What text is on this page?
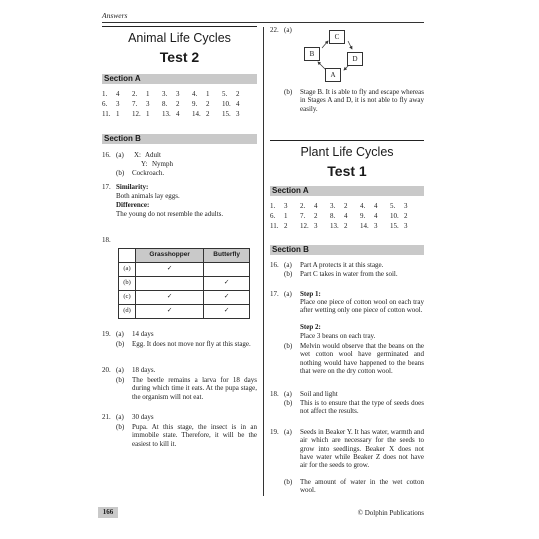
Answers
Animal Life Cycles
Test 2
Section A
1. 4	2. 1	3. 3	4. 1	5. 2
6. 3	7. 3	8. 2	9. 2	10. 4
11. 1	12. 1	13. 4	14. 2	15. 3
Section B
16. (a) X: Adult
Y: Nymph
(b) Cockroach.
17. Similarity:
Both animals lay eggs.
Difference:
The young do not resemble the adults.
18.
	Grasshopper	Butterfly
(a)	✓	
(b)		✓
(c)	✓	✓
(d)	✓	✓
19. (a) 14 days
(b) Egg. It does not move nor fly at this stage.
20. (a) 18 days.
(b) The beetle remains a larva for 18 days during which time it eats. At the pupa stage, the organism will not eat.
21. (a) 30 days
(b) Pupa. At this stage, the insect is in an immobile state. Therefore, it will be the easiest to kill it.
22. (a)
C
B
D
A
(b) Stage B. It is able to fly and escape whereas in Stages A and D, it is not able to fly away easily.
Plant Life Cycles
Test 1
Section A
1. 3	2. 4	3. 2	4. 4	5. 3
6. 1	7. 2	8. 4	9. 4	10. 2
11. 2	12. 3	13. 2	14. 3	15. 3
Section B
16. (a) Part A protects it at this stage.
(b) Part C takes in water from the soil.
17. (a) Step 1:
Place one piece of cotton wool on each tray after wetting only one piece of cotton wool.
Step 2:
Place 3 beans on each tray.
(b) Melvin would observe that the beans on the wet cotton wool have germinated and nothing would have happened to the beans that were on the dry cotton wool.
18. (a) Soil and light
(b) This is to ensure that the type of seeds does not affect the results.
19. (a) Seeds in Beaker Y. It has water, warmth and air which are necessary for the seeds to grow into seedlings. Beaker X does not have water while Beaker Z does not have air for the seeds to grow.
(b) The amount of water in the wet cotton wool.
166	© Dolphin Publications
